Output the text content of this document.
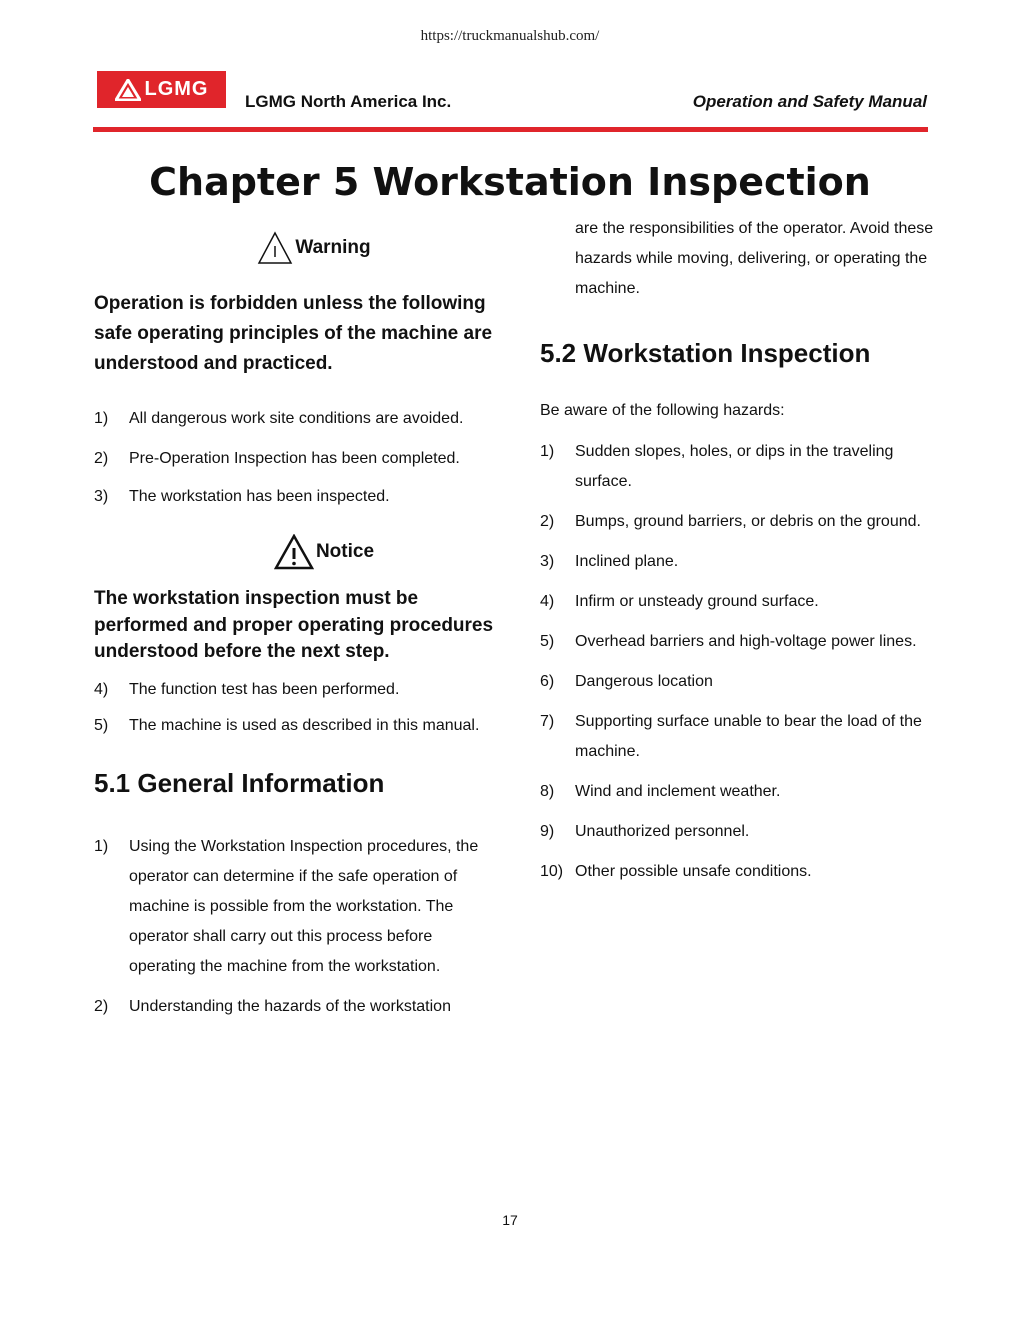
https://truckmanualshub.com/
LGMG
LGMG North America Inc.	Operation and Safety Manual
Chapter 5 Workstation Inspection
Warning

Operation is forbidden unless the following safe operating principles of the machine are understood and practiced.

1)	All dangerous work site conditions are avoided.
2)	Pre-Operation Inspection has been completed.
3)	The workstation has been inspected.
Notice

The workstation inspection must be performed and proper operating procedures understood before the next step.

4)	The function test has been performed.
5)	The machine is used as described in this manual.
5.1 General Information
1)	Using the Workstation Inspection procedures, the operator can determine if the safe operation of machine is possible from the workstation. The operator shall carry out this process before operating the machine from the workstation.
2)	Understanding the hazards of the workstation

are the responsibilities of the operator. Avoid these hazards while moving, delivering, or operating the machine.

5.2 Workstation Inspection

Be aware of the following hazards:

1)	Sudden slopes, holes, or dips in the traveling surface.
2)	Bumps, ground barriers, or debris on the ground.
3)	Inclined plane.
4)	Infirm or unsteady ground surface.
5)	Overhead barriers and high-voltage power lines.
6)	Dangerous location
7)	Supporting surface unable to bear the load of the machine.
8)	Wind and inclement weather.
9)	Unauthorized personnel.
10) Other possible unsafe conditions.
17
